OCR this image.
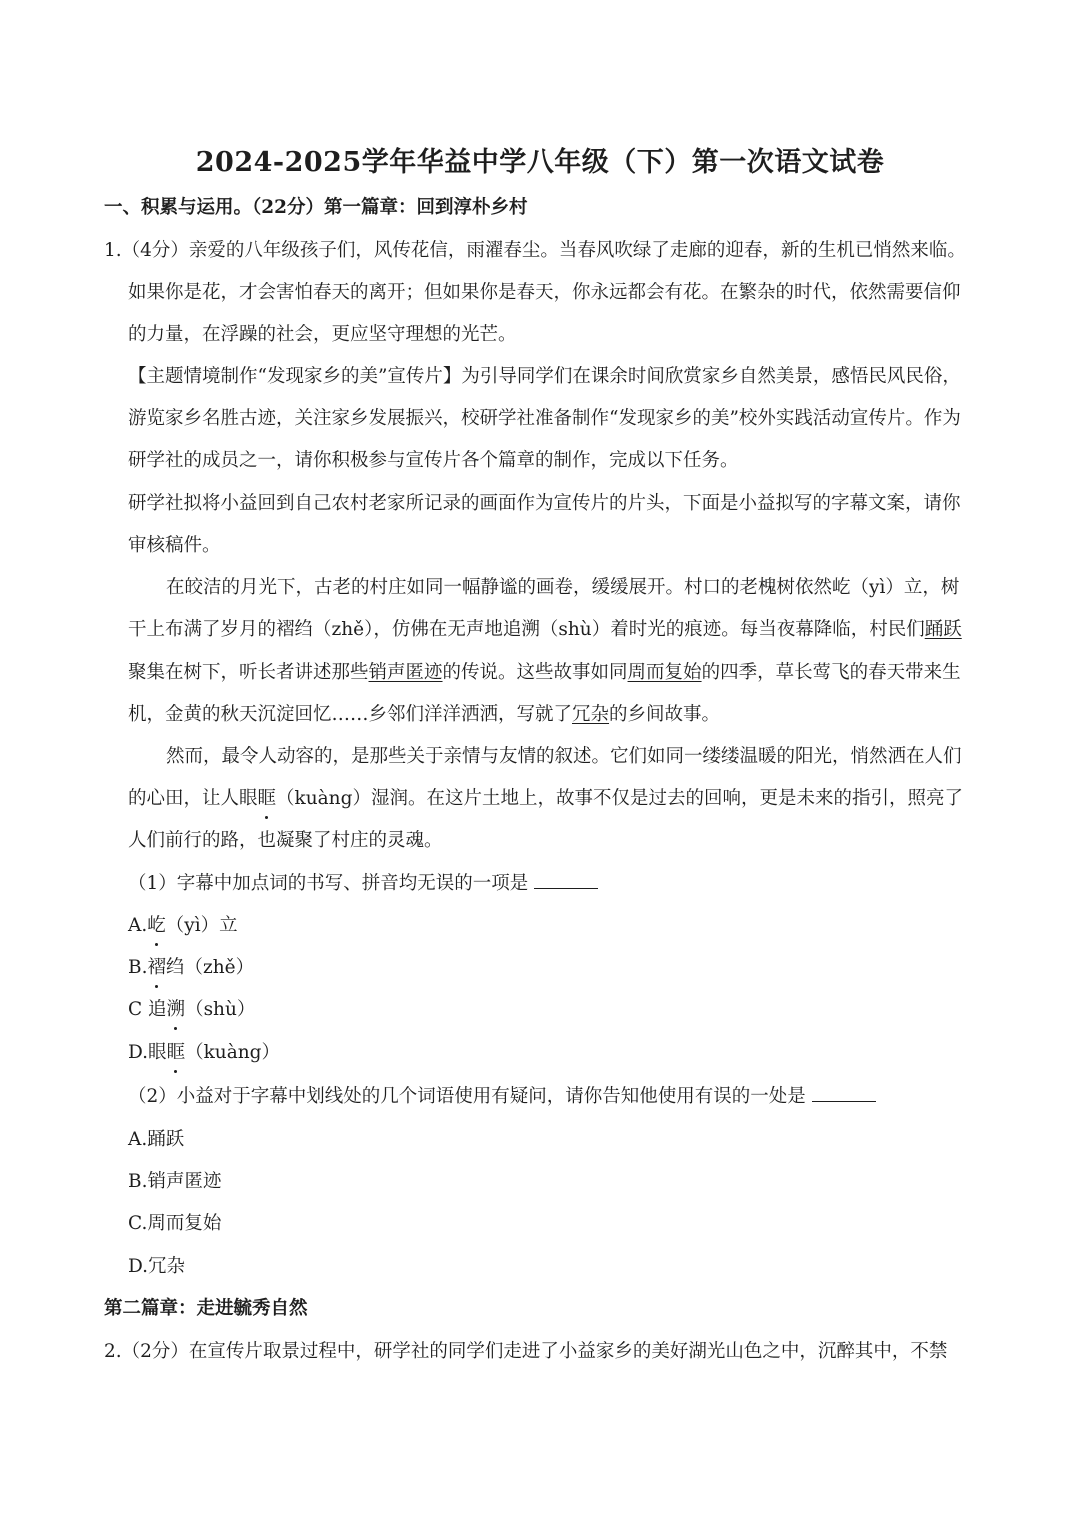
2024-2025学年华益中学八年级（下）第一次语文试卷
一、积累与运用。（22分）第一篇章：回到淳朴乡村
1.（4分）亲爱的八年级孩子们，风传花信，雨濯春尘。当春风吹绿了走廊的迎春，新的生机已悄然来临。
如果你是花，才会害怕春天的离开；但如果你是春天，你永远都会有花。在繁杂的时代，依然需要信仰
的力量，在浮躁的社会，更应坚守理想的光芒。
【主题情境制作“发现家乡的美”宣传片】为引导同学们在课余时间欣赏家乡自然美景，感悟民风民俗，
游览家乡名胜古迹，关注家乡发展振兴，校研学社准备制作“发现家乡的美”校外实践活动宣传片。作为
研学社的成员之一，请你积极参与宣传片各个篇章的制作，完成以下任务。
研学社拟将小益回到自己农村老家所记录的画面作为宣传片的片头，下面是小益拟写的字幕文案，请你
审核稿件。
在皎洁的月光下，古老的村庄如同一幅静谧的画卷，缓缓展开。村口的老槐树依然屹（yì）立，树
干上布满了岁月的褶绉（zhě），仿佛在无声地追溯（shù）着时光的痕迹。每当夜幕降临，村民们踊跃
聚集在树下，听长者讲述那些销声匿迹的传说。这些故事如同周而复始的四季，草长莺飞的春天带来生
机，金黄的秋天沉淀回忆……乡邻们洋洋洒洒，写就了冗杂的乡间故事。
然而，最令人动容的，是那些关于亲情与友情的叙述。它们如同一缕缕温暖的阳光，悄然洒在人们
的心田，让人眼眶（kuàng）湿润。在这片土地上，故事不仅是过去的回响，更是未来的指引，照亮了
人们前行的路，也凝聚了村庄的灵魂。
（1）字幕中加点词的书写、拼音均无误的一项是
A.屹（yì）立
B.褶绉（zhě）
C 追溯（shù）
D.眼眶（kuàng）
（2）小益对于字幕中划线处的几个词语使用有疑问，请你告知他使用有误的一处是
A.踊跃
B.销声匿迹
C.周而复始
D.冗杂
第二篇章：走进毓秀自然
2.（2分）在宣传片取景过程中，研学社的同学们走进了小益家乡的美好湖光山色之中，沉醉其中，不禁
